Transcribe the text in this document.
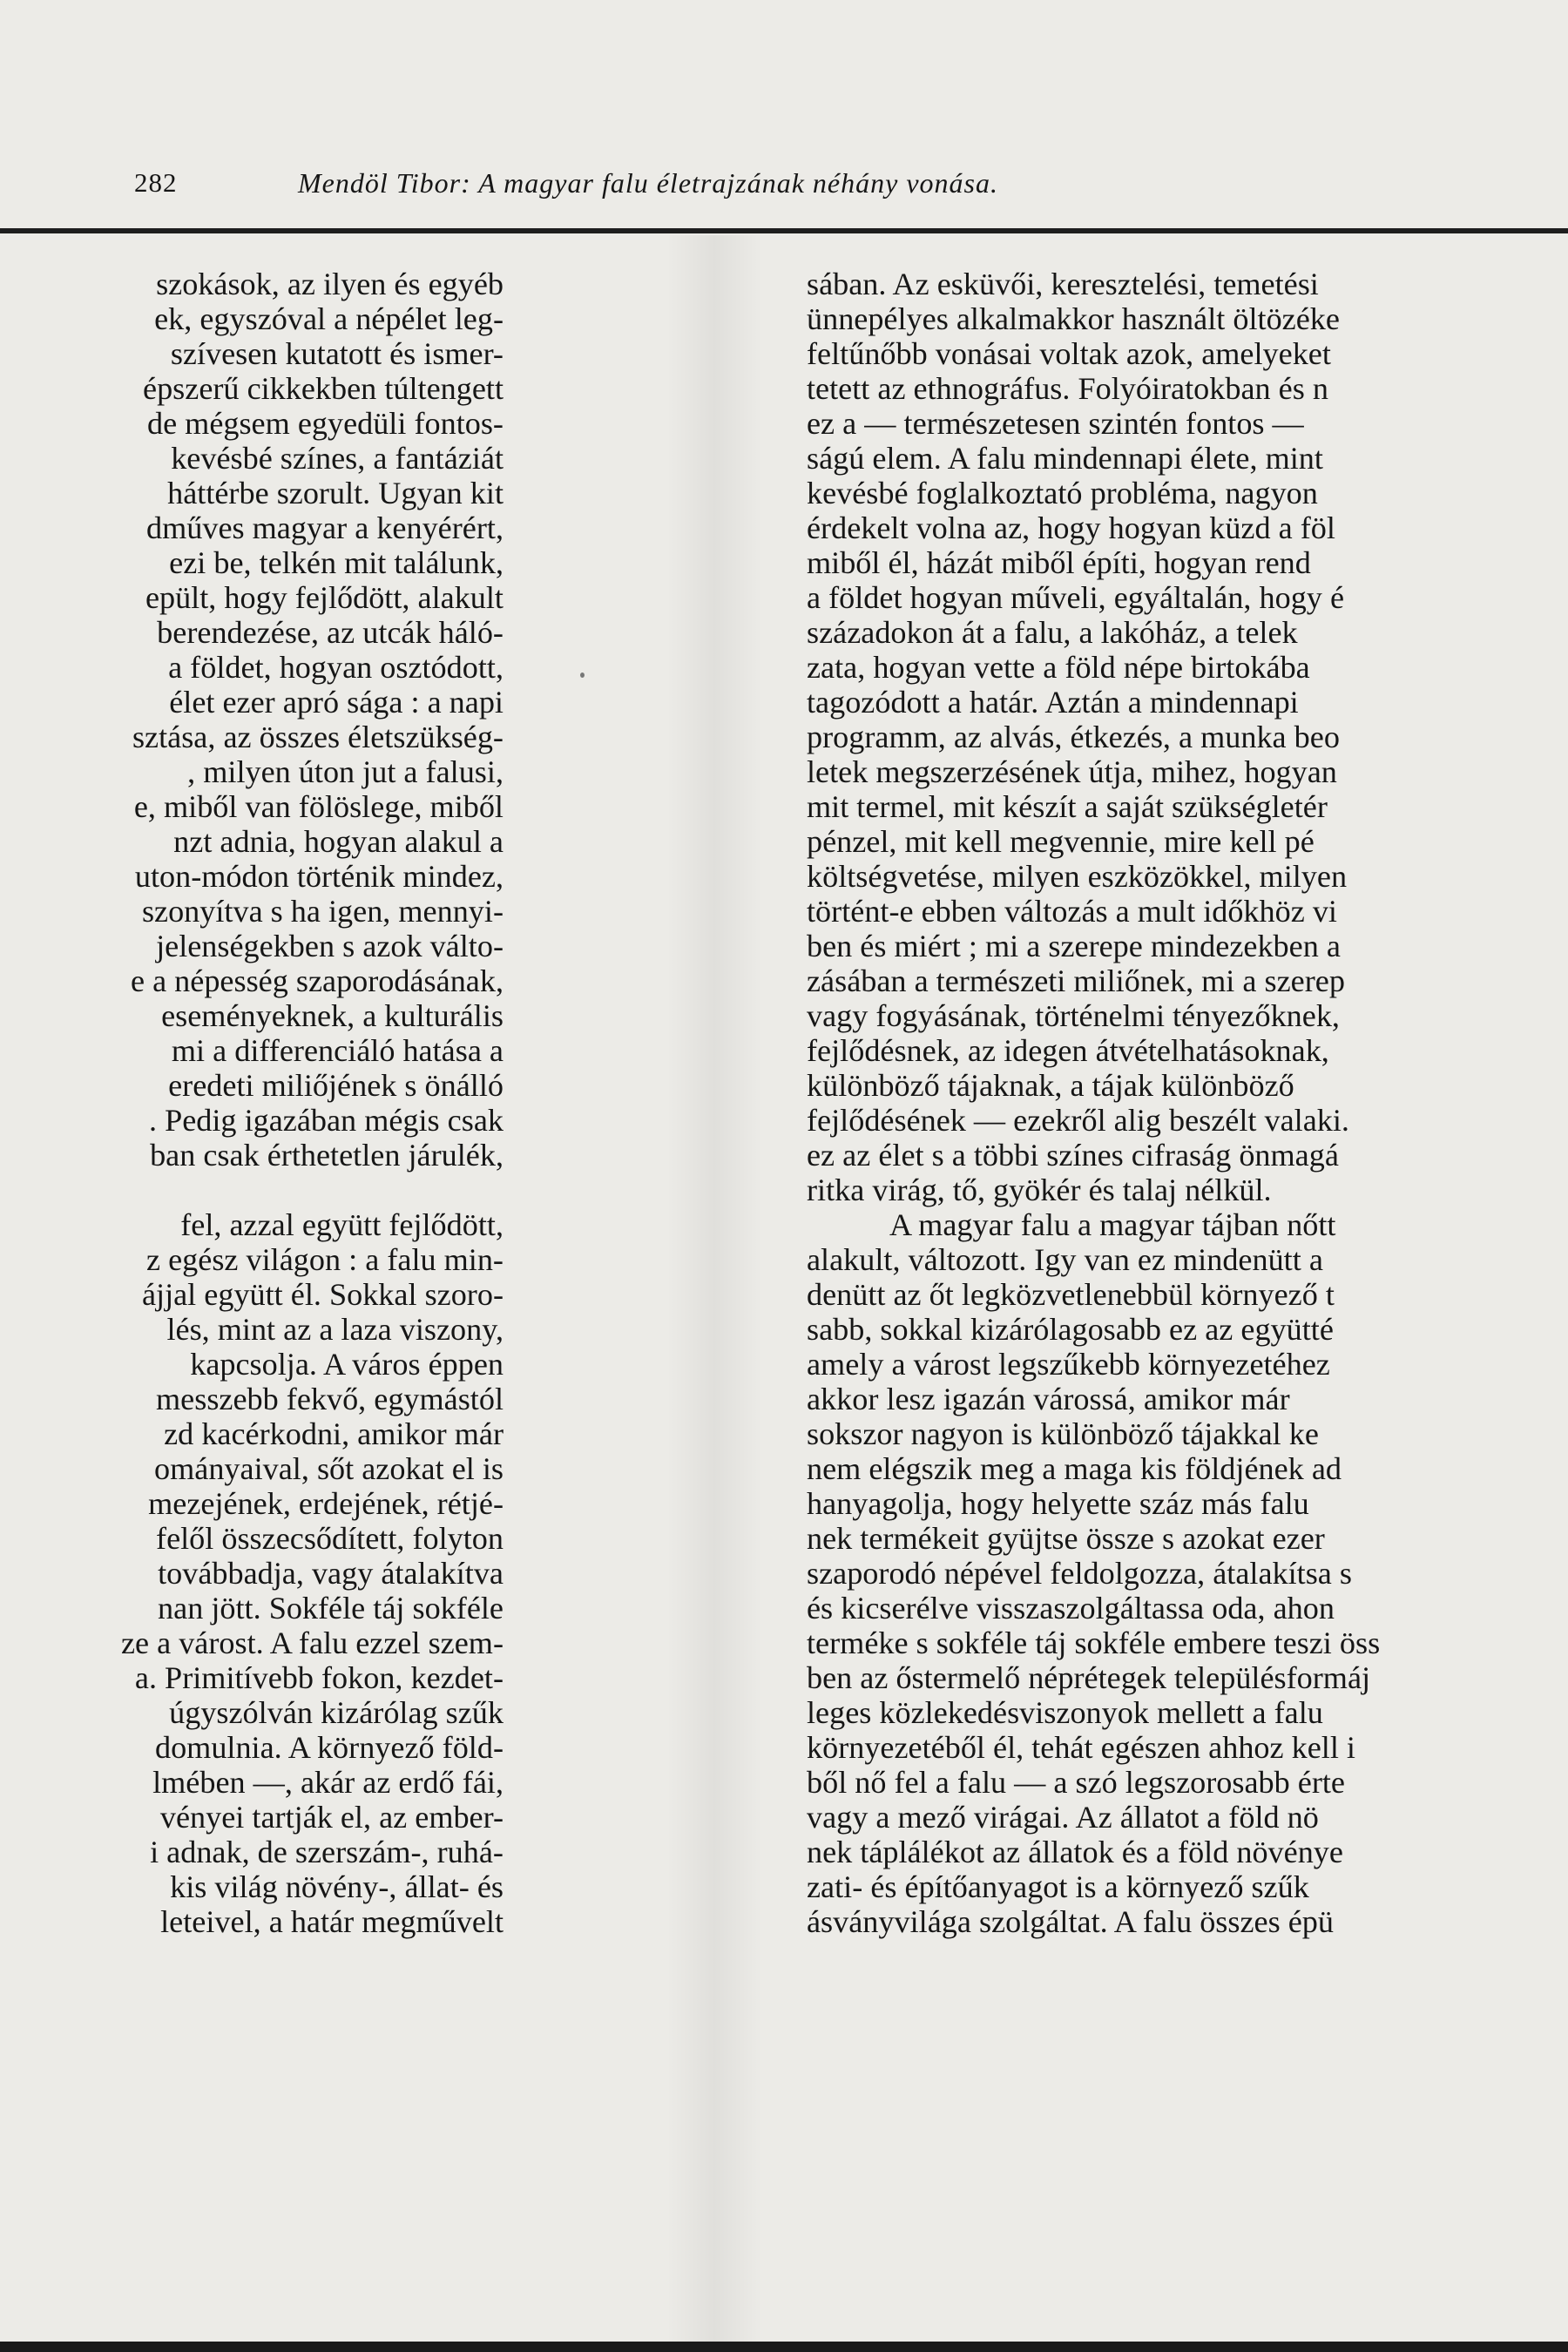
282	Mendöl Tibor: A magyar falu életrajzának néhány vonása.
szokások, az ilyen és egyéb
ek, egyszóval a népélet leg-
szívesen kutatott és ismer-
épszerű cikkekben túltengett
de mégsem egyedüli fontos-
kevésbé színes, a fantáziát
háttérbe szorult. Ugyan kit
dműves magyar a kenyérért,
ezi be, telkén mit találunk,
epült, hogy fejlődött, alakult
berendezése, az utcák háló-
a földet, hogyan osztódott,
élet ezer apró sága : a napi
sztása, az összes életszükség-
, milyen úton jut a falusi,
e, miből van fölöslege, miből
nzt adnia, hogyan alakul a
uton-módon történik mindez,
szonyítva s ha igen, mennyi-
jelenségekben s azok válto-
e a népesség szaporodásának,
eseményeknek, a kulturális
mi a differenciáló hatása a
eredeti miliőjének s önálló
. Pedig igazában mégis csak
ban csak érthetetlen járulék,
fel, azzal együtt fejlődött,
z egész világon : a falu min-
ájjal együtt él. Sokkal szoro-
lés, mint az a laza viszony,
kapcsolja. A város éppen
messzebb fekvő, egymástól
zd kacérkodni, amikor már
ományaival, sőt azokat el is
mezejének, erdejének, rétjé-
felől összecsődített, folyton
továbbadja, vagy átalakítva
nan jött. Sokféle táj sokféle
ze a várost. A falu ezzel szem-
a. Primitívebb fokon, kezdet-
úgyszólván kizárólag szűk
domulnia. A környező föld-
lmében —, akár az erdő fái,
vényei tartják el, az ember-
i adnak, de szerszám-, ruhá-
kis világ növény-, állat- és
leteivel, a határ megművelt
sában. Az esküvői, keresztelési, temetési
ünnepélyes alkalmakkor használt öltözéke
feltűnőbb vonásai voltak azok, amelyeket
tetett az ethnográfus. Folyóiratokban és n
ez a — természetesen szintén fontos —
ságú elem. A falu mindennapi élete, mint
kevésbé foglalkoztató probléma, nagyon
érdekelt volna az, hogy hogyan küzd a föl
miből él, házát miből építi, hogyan rend
a földet hogyan műveli, egyáltalán, hogy é
századokon át a falu, a lakóház, a telek
zata, hogyan vette a föld népe birtokába
tagozódott a határ. Aztán a mindennapi
programm, az alvás, étkezés, a munka beo
letek megszerzésének útja, mihez, hogyan
mit termel, mit készít a saját szükségletér
pénzel, mit kell megvennie, mire kell pé
költségvetése, milyen eszközökkel, milyen
történt-e ebben változás a mult időkhöz vi
ben és miért ; mi a szerepe mindezekben a
zásában a természeti miliőnek, mi a szerep
vagy fogyásának, történelmi tényezőknek,
fejlődésnek, az idegen átvételhatásoknak,
különböző tájaknak, a tájak különböző
fejlődésének — ezekről alig beszélt valaki.
ez az élet s a többi színes cifraság önmagá
ritka virág, tő, gyökér és talaj nélkül.
A magyar falu a magyar tájban nőtt
alakult, változott. Igy van ez mindenütt a
denütt az őt legközvetlenebbül környező t
sabb, sokkal kizárólagosabb ez az együtté
amely a várost legszűkebb környezetéhez
akkor lesz igazán várossá, amikor már
sokszor nagyon is különböző tájakkal ke
nem elégszik meg a maga kis földjének ad
hanyagolja, hogy helyette száz más falu
nek termékeit gyüjtse össze s azokat ezer
szaporodó népével feldolgozza, átalakítsa s
és kicserélve visszaszolgáltassa oda, ahon
terméke s sokféle táj sokféle embere teszi öss
ben az őstermelő néprétegek településformáj
leges közlekedésviszonyok mellett a falu
környezetéből él, tehát egészen ahhoz kell i
ből nő fel a falu — a szó legszorosabb érte
vagy a mező virágai. Az állatot a föld nö
nek táplálékot az állatok és a föld növénye
zati- és építőanyagot is a környező szűk
ásványvilága szolgáltat. A falu összes épü
